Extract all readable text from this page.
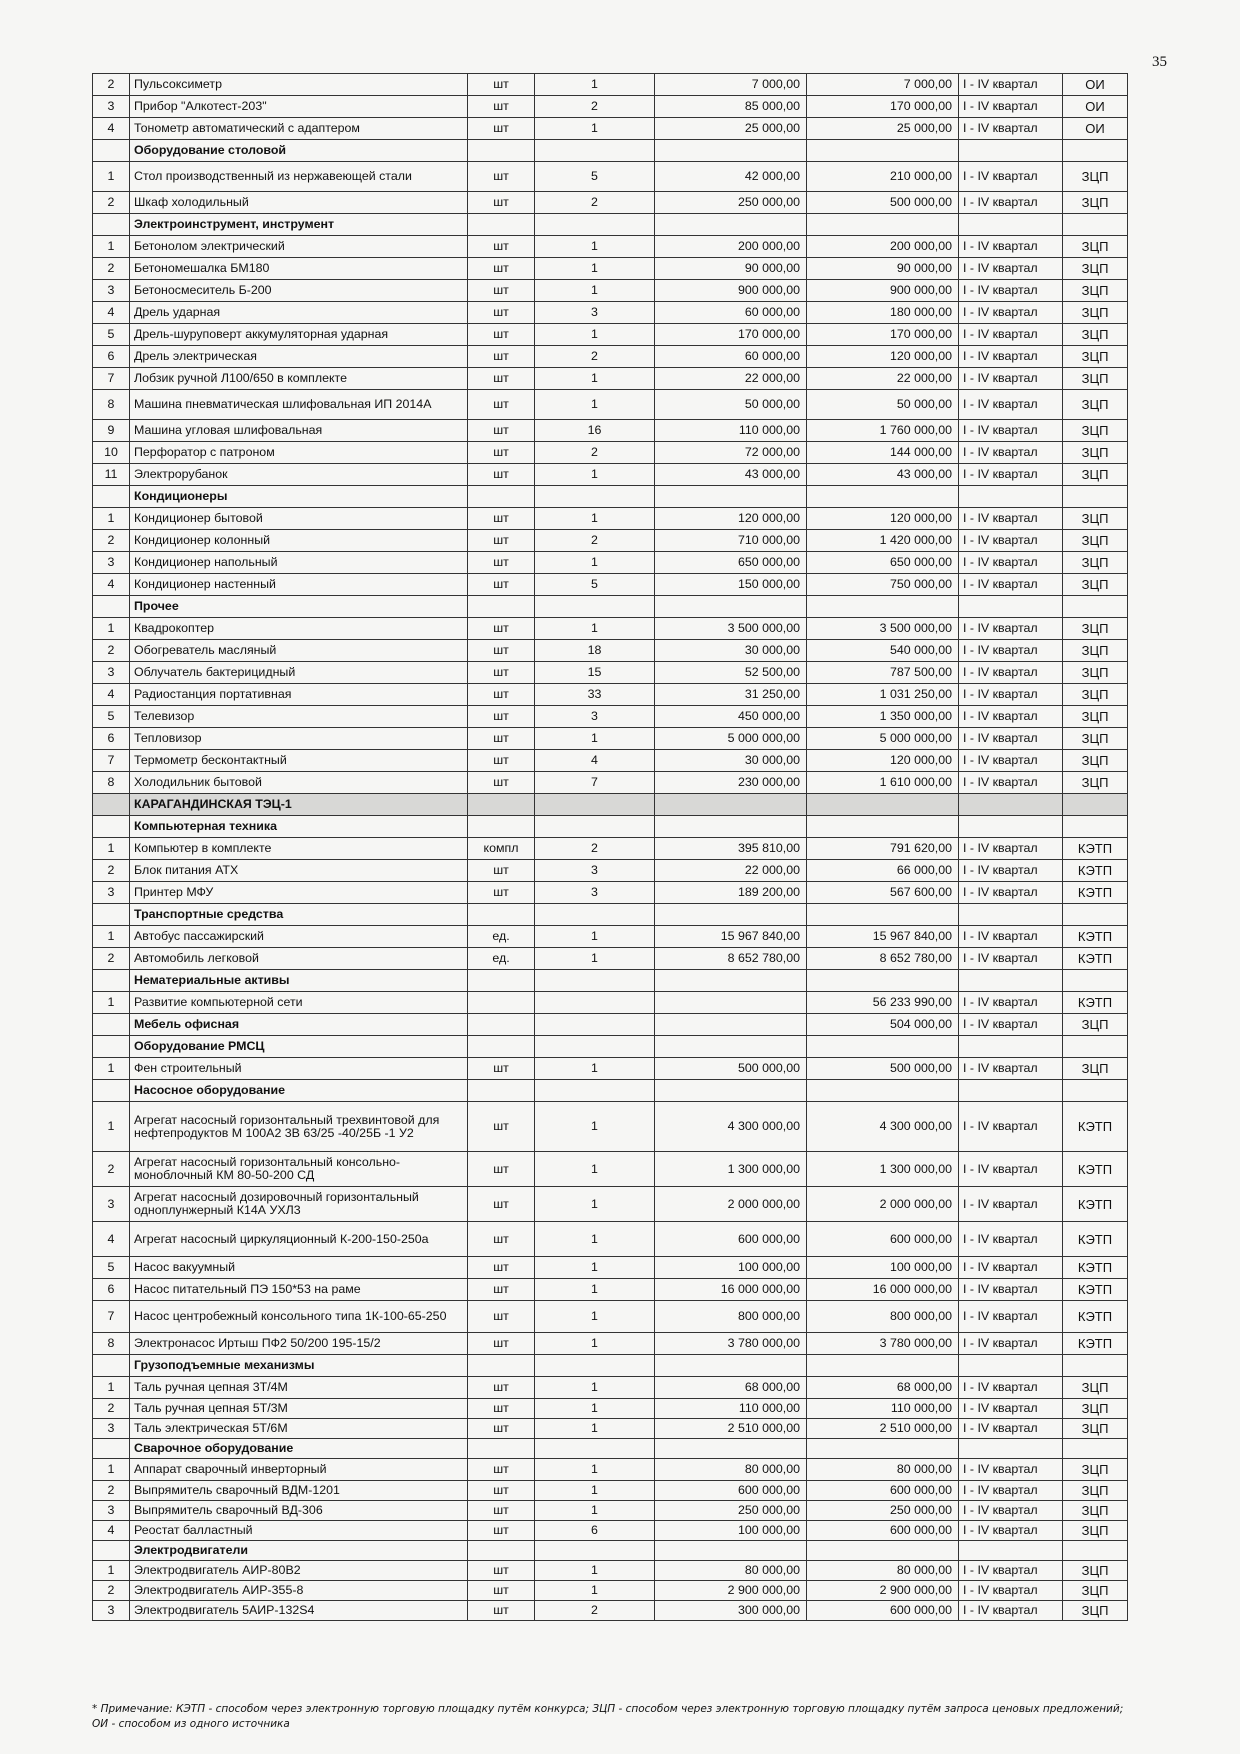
35
2	Пульсоксиметр	шт	1	7 000,00	7 000,00	I - IV квартал	ОИ
3	Прибор "Алкотест-203"	шт	2	85 000,00	170 000,00	I - IV квартал	ОИ
4	Тонометр автоматический с адаптером	шт	1	25 000,00	25 000,00	I - IV квартал	ОИ
	Оборудование столовой						
1	Стол производственный из нержавеющей стали	шт	5	42 000,00	210 000,00	I - IV квартал	ЗЦП
2	Шкаф холодильный	шт	2	250 000,00	500 000,00	I - IV квартал	ЗЦП
	Электроинструмент, инструмент						
1	Бетонолом электрический	шт	1	200 000,00	200 000,00	I - IV квартал	ЗЦП
2	Бетономешалка БМ180	шт	1	90 000,00	90 000,00	I - IV квартал	ЗЦП
3	Бетоносмеситель Б-200	шт	1	900 000,00	900 000,00	I - IV квартал	ЗЦП
4	Дрель ударная	шт	3	60 000,00	180 000,00	I - IV квартал	ЗЦП
5	Дрель-шуруповерт аккумуляторная ударная	шт	1	170 000,00	170 000,00	I - IV квартал	ЗЦП
6	Дрель электрическая	шт	2	60 000,00	120 000,00	I - IV квартал	ЗЦП
7	Лобзик ручной Л100/650 в комплекте	шт	1	22 000,00	22 000,00	I - IV квартал	ЗЦП
8	Машина пневматическая шлифовальная ИП 2014А	шт	1	50 000,00	50 000,00	I - IV квартал	ЗЦП
9	Машина угловая шлифовальная	шт	16	110 000,00	1 760 000,00	I - IV квартал	ЗЦП
10	Перфоратор с патроном	шт	2	72 000,00	144 000,00	I - IV квартал	ЗЦП
11	Электрорубанок	шт	1	43 000,00	43 000,00	I - IV квартал	ЗЦП
	Кондиционеры						
1	Кондиционер бытовой	шт	1	120 000,00	120 000,00	I - IV квартал	ЗЦП
2	Кондиционер колонный	шт	2	710 000,00	1 420 000,00	I - IV квартал	ЗЦП
3	Кондиционер напольный	шт	1	650 000,00	650 000,00	I - IV квартал	ЗЦП
4	Кондиционер настенный	шт	5	150 000,00	750 000,00	I - IV квартал	ЗЦП
	Прочее						
1	Квадрокоптер	шт	1	3 500 000,00	3 500 000,00	I - IV квартал	ЗЦП
2	Обогреватель масляный	шт	18	30 000,00	540 000,00	I - IV квартал	ЗЦП
3	Облучатель бактерицидный	шт	15	52 500,00	787 500,00	I - IV квартал	ЗЦП
4	Радиостанция портативная	шт	33	31 250,00	1 031 250,00	I - IV квартал	ЗЦП
5	Телевизор	шт	3	450 000,00	1 350 000,00	I - IV квартал	ЗЦП
6	Тепловизор	шт	1	5 000 000,00	5 000 000,00	I - IV квартал	ЗЦП
7	Термометр бесконтактный	шт	4	30 000,00	120 000,00	I - IV квартал	ЗЦП
8	Холодильник бытовой	шт	7	230 000,00	1 610 000,00	I - IV квартал	ЗЦП
	КАРАГАНДИНСКАЯ ТЭЦ-1						
	Компьютерная техника						
1	Компьютер в комплекте	компл	2	395 810,00	791 620,00	I - IV квартал	КЭТП
2	Блок питания АТХ	шт	3	22 000,00	66 000,00	I - IV квартал	КЭТП
3	Принтер МФУ	шт	3	189 200,00	567 600,00	I - IV квартал	КЭТП
	Транспортные средства						
1	Автобус пассажирский	ед.	1	15 967 840,00	15 967 840,00	I - IV квартал	КЭТП
2	Автомобиль легковой	ед.	1	8 652 780,00	8 652 780,00	I - IV квартал	КЭТП
	Нематериальные активы						
1	Развитие компьютерной сети				56 233 990,00	I - IV квартал	КЭТП
	Мебель офисная				504 000,00	I - IV квартал	ЗЦП
	Оборудование РМСЦ						
1	Фен строительный	шт	1	500 000,00	500 000,00	I - IV квартал	ЗЦП
	Насосное оборудование						
1	Агрегат насосный горизонтальный трехвинтовой для нефтепродуктов М 100А2 3В 63/25 -40/25Б -1 У2	шт	1	4 300 000,00	4 300 000,00	I - IV квартал	КЭТП
2	Агрегат насосный горизонтальный консольно-моноблочный КМ 80-50-200 СД	шт	1	1 300 000,00	1 300 000,00	I - IV квартал	КЭТП
3	Агрегат насосный дозировочный горизонтальный одноплунжерный К14А УХЛ3	шт	1	2 000 000,00	2 000 000,00	I - IV квартал	КЭТП
4	Агрегат насосный циркуляционный К-200-150-250а	шт	1	600 000,00	600 000,00	I - IV квартал	КЭТП
5	Насос вакуумный	шт	1	100 000,00	100 000,00	I - IV квартал	КЭТП
6	Насос питательный ПЭ 150*53 на раме	шт	1	16 000 000,00	16 000 000,00	I - IV квартал	КЭТП
7	Насос центробежный консольного типа 1К-100-65-250	шт	1	800 000,00	800 000,00	I - IV квартал	КЭТП
8	Электронасос Иртыш ПФ2 50/200 195-15/2	шт	1	3 780 000,00	3 780 000,00	I - IV квартал	КЭТП
	Грузоподъемные механизмы						
1	Таль ручная цепная 3Т/4М	шт	1	68 000,00	68 000,00	I - IV квартал	ЗЦП
2	Таль ручная цепная 5Т/3М	шт	1	110 000,00	110 000,00	I - IV квартал	ЗЦП
3	Таль электрическая 5Т/6М	шт	1	2 510 000,00	2 510 000,00	I - IV квартал	ЗЦП
	Сварочное оборудование						
1	Аппарат сварочный инверторный	шт	1	80 000,00	80 000,00	I - IV квартал	ЗЦП
2	Выпрямитель сварочный ВДМ-1201	шт	1	600 000,00	600 000,00	I - IV квартал	ЗЦП
3	Выпрямитель сварочный ВД-306	шт	1	250 000,00	250 000,00	I - IV квартал	ЗЦП
4	Реостат балластный	шт	6	100 000,00	600 000,00	I - IV квартал	ЗЦП
	Электродвигатели						
1	Электродвигатель АИР-80В2	шт	1	80 000,00	80 000,00	I - IV квартал	ЗЦП
2	Электродвигатель АИР-355-8	шт	1	2 900 000,00	2 900 000,00	I - IV квартал	ЗЦП
3	Электродвигатель 5АИР-132S4	шт	2	300 000,00	600 000,00	I - IV квартал	ЗЦП
* Примечание: КЭТП - способом через электронную торговую площадку путём конкурса; ЗЦП - способом через электронную торговую площадку путём запроса ценовых предложений; ОИ - способом из одного источника
